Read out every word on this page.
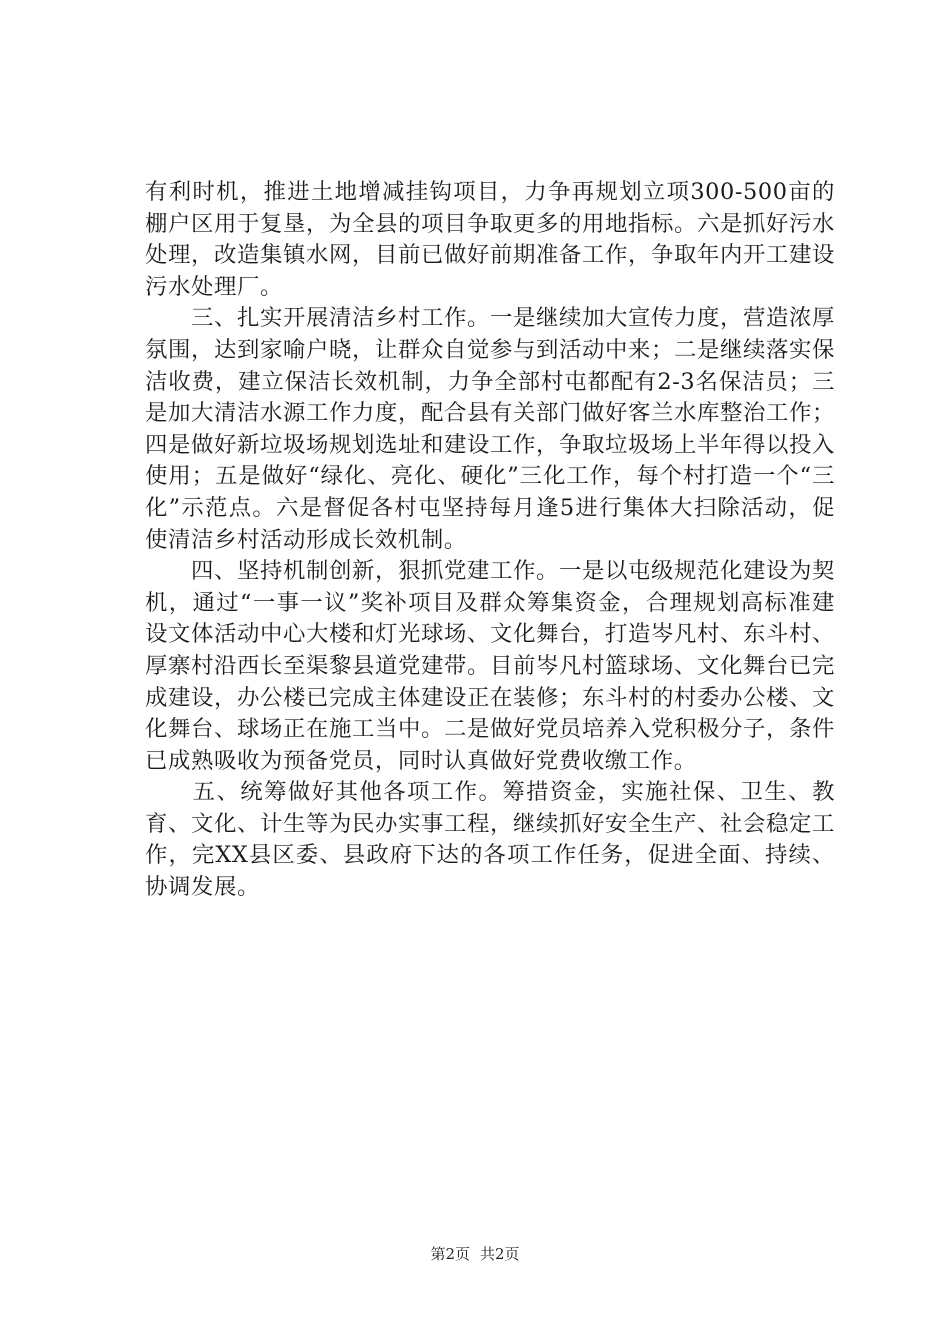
有利时机，推进土地增减挂钩项目，力争再规划立项300-500亩的棚户区用于复垦，为全县的项目争取更多的用地指标。六是抓好污水处理，改造集镇水网，目前已做好前期准备工作，争取年内开工建设污水处理厂。

　　三、扎实开展清洁乡村工作。一是继续加大宣传力度，营造浓厚氛围，达到家喻户晓，让群众自觉参与到活动中来；二是继续落实保洁收费，建立保洁长效机制，力争全部村屯都配有2-3名保洁员；三是加大清洁水源工作力度，配合县有关部门做好客兰水库整治工作；四是做好新垃圾场规划选址和建设工作，争取垃圾场上半年得以投入使用；五是做好“绿化、亮化、硬化”三化工作，每个村打造一个“三化”示范点。六是督促各村屯坚持每月逢5进行集体大扫除活动，促使清洁乡村活动形成长效机制。

　　四、坚持机制创新，狠抓党建工作。一是以屯级规范化建设为契机，通过“一事一议”奖补项目及群众筹集资金，合理规划高标准建设文体活动中心大楼和灯光球场、文化舞台，打造岑凡村、东斗村、厚寨村沿西长至渠黎县道党建带。目前岑凡村篮球场、文化舞台已完成建设，办公楼已完成主体建设正在装修；东斗村的村委办公楼、文化舞台、球场正在施工当中。二是做好党员培养入党积极分子，条件已成熟吸收为预备党员，同时认真做好党费收缴工作。

　　五、统筹做好其他各项工作。筹措资金，实施社保、卫生、教育、文化、计生等为民办实事工程，继续抓好安全生产、社会稳定工作，完XX县区委、县政府下达的各项工作任务，促进全面、持续、协调发展。

第2页 共2页
